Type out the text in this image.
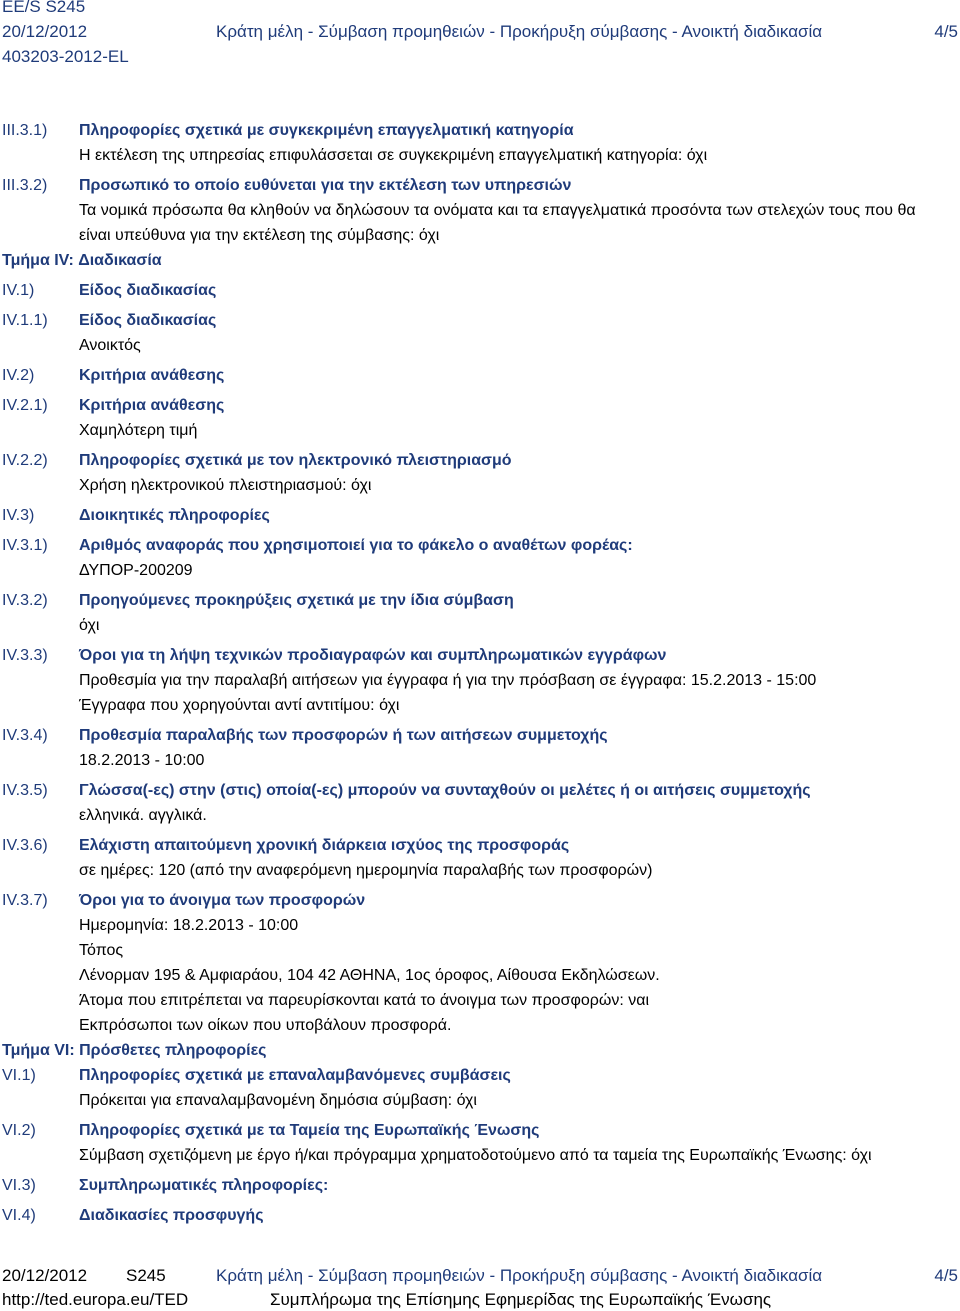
EE/S S245
20/12/2012
403203-2012-EL
Κράτη μέλη - Σύμβαση προμηθειών - Προκήρυξη σύμβασης - Ανοικτή διαδικασία	4/5
III.3.1)	Πληροφορίες σχετικά με συγκεκριμένη επαγγελματική κατηγορία
Η εκτέλεση της υπηρεσίας επιφυλάσσεται σε συγκεκριμένη επαγγελματική κατηγορία: όχι
III.3.2)	Προσωπικό το οποίο ευθύνεται για την εκτέλεση των υπηρεσιών
Τα νομικά πρόσωπα θα κληθούν να δηλώσουν τα ονόματα και τα επαγγελματικά προσόντα των στελεχών τους που θα είναι υπεύθυνα για την εκτέλεση της σύμβασης: όχι
Τμήμα IV: Διαδικασία
IV.1)	Είδος διαδικασίας
IV.1.1)	Είδος διαδικασίας
Ανοικτός
IV.2)	Κριτήρια ανάθεσης
IV.2.1)	Κριτήρια ανάθεσης
Χαμηλότερη τιμή
IV.2.2)	Πληροφορίες σχετικά με τον ηλεκτρονικό πλειστηριασμό
Χρήση ηλεκτρονικού πλειστηριασμού: όχι
IV.3)	Διοικητικές πληροφορίες
IV.3.1)	Αριθμός αναφοράς που χρησιμοποιεί για το φάκελο ο αναθέτων φορέας:
ΔΥΠΟΡ-200209
IV.3.2)	Προηγούμενες προκηρύξεις σχετικά με την ίδια σύμβαση
όχι
IV.3.3)	Όροι για τη λήψη τεχνικών προδιαγραφών και συμπληρωματικών εγγράφων
Προθεσμία για την παραλαβή αιτήσεων για έγγραφα ή για την πρόσβαση σε έγγραφα: 15.2.2013 - 15:00
Έγγραφα που χορηγούνται αντί αντιτίμου: όχι
IV.3.4)	Προθεσμία παραλαβής των προσφορών ή των αιτήσεων συμμετοχής
18.2.2013 - 10:00
IV.3.5)	Γλώσσα(-ες) στην (στις) οποία(-ες) μπορούν να συνταχθούν οι μελέτες ή οι αιτήσεις συμμετοχής
ελληνικά. αγγλικά.
IV.3.6)	Ελάχιστη απαιτούμενη χρονική διάρκεια ισχύος της προσφοράς
σε ημέρες: 120 (από την αναφερόμενη ημερομηνία παραλαβής των προσφορών)
IV.3.7)	Όροι για το άνοιγμα των προσφορών
Ημερομηνία: 18.2.2013 - 10:00
Τόπος
Λένορμαν 195 & Αμφιαράου, 104 42 ΑΘΗΝΑ, 1ος όροφος, Αίθουσα Εκδηλώσεων.
Άτομα που επιτρέπεται να παρευρίσκονται κατά το άνοιγμα των προσφορών: ναι
Εκπρόσωποι των οίκων που υποβάλουν προσφορά.
Τμήμα VI: Πρόσθετες πληροφορίες
VI.1)	Πληροφορίες σχετικά με επαναλαμβανόμενες συμβάσεις
Πρόκειται για επαναλαμβανομένη δημόσια σύμβαση: όχι
VI.2)	Πληροφορίες σχετικά με τα Ταμεία της Ευρωπαϊκής Ένωσης
Σύμβαση σχετιζόμενη με έργο ή/και πρόγραμμα χρηματοδοτούμενο από τα ταμεία της Ευρωπαϊκής Ένωσης: όχι
VI.3)	Συμπληρωματικές πληροφορίες:
VI.4)	Διαδικασίες προσφυγής
20/12/2012 S245	Κράτη μέλη - Σύμβαση προμηθειών - Προκήρυξη σύμβασης - Ανοικτή διαδικασία	4/5
http://ted.europa.eu/TED	Συμπλήρωμα της Επίσημης Εφημερίδας της Ευρωπαϊκής Ένωσης
